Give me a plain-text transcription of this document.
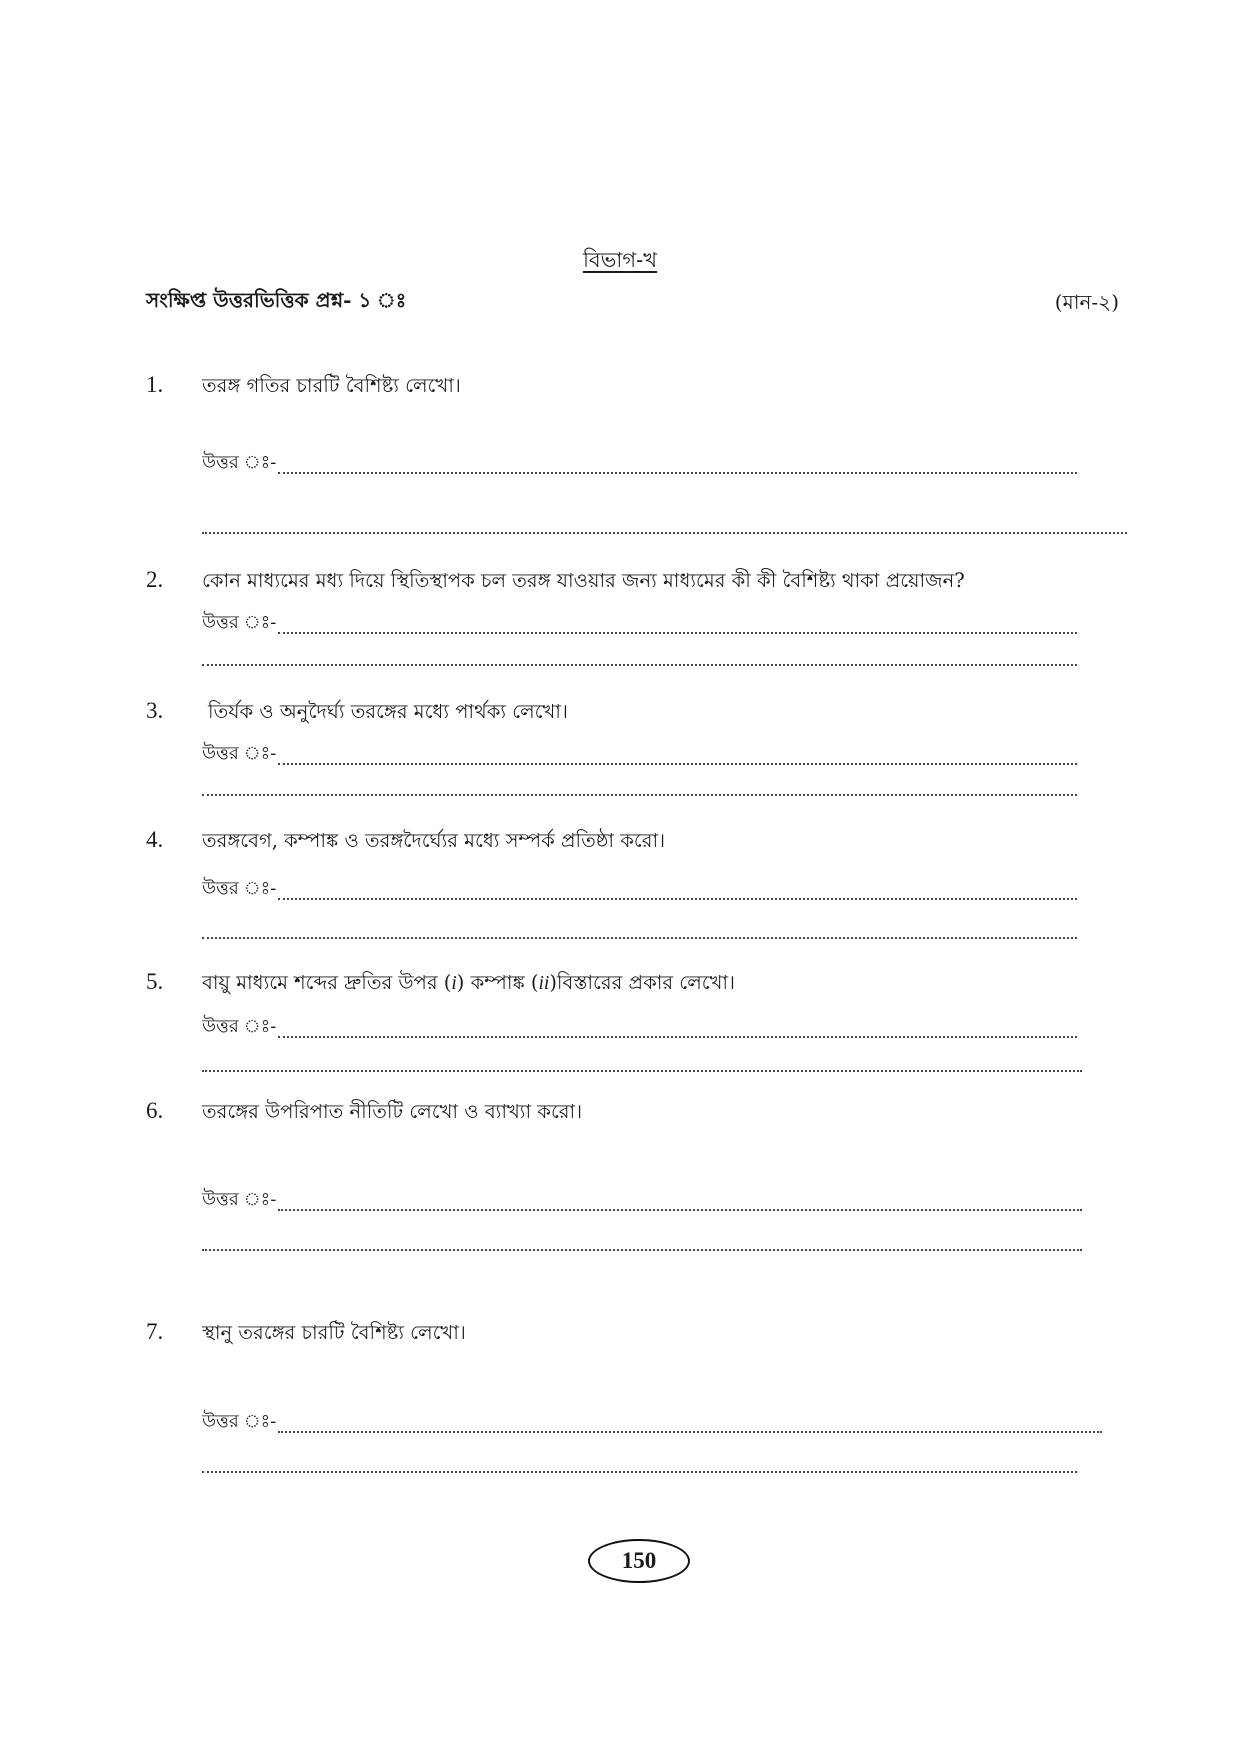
বিভাগ-খ
সংক্ষিপ্ত উত্তরভিত্তিক প্রশ্ন- ১ ঃ	(মান-২)
1. তরঙ্গ গতির চারটি বৈশিষ্ট্য লেখো।
উত্তর ঃ-
2. কোন মাধ্যমের মধ্য দিয়ে স্থিতিস্থাপক চল তরঙ্গ যাওয়ার জন্য মাধ্যমের কী কী বৈশিষ্ট্য থাকা প্রয়োজন?
উত্তর ঃ-
3. তির্যক ও অনুদৈর্ঘ্য তরঙ্গের মধ্যে পার্থক্য লেখো।
উত্তর ঃ-
4. তরঙ্গবেগ, কম্পাঙ্ক ও তরঙ্গদৈর্ঘ্যের মধ্যে সম্পর্ক প্রতিষ্ঠা করো।
উত্তর ঃ-
5. বায়ু মাধ্যমে শব্দের দ্রুতির উপর (i) কম্পাঙ্ক (ii)বিস্তারের প্রকার লেখো।
উত্তর ঃ-
6. তরঙ্গের উপরিপাত নীতিটি লেখো ও ব্যাখ্যা করো।
উত্তর ঃ-
7. স্থানু তরঙ্গের চারটি বৈশিষ্ট্য লেখো।
উত্তর ঃ-
150
